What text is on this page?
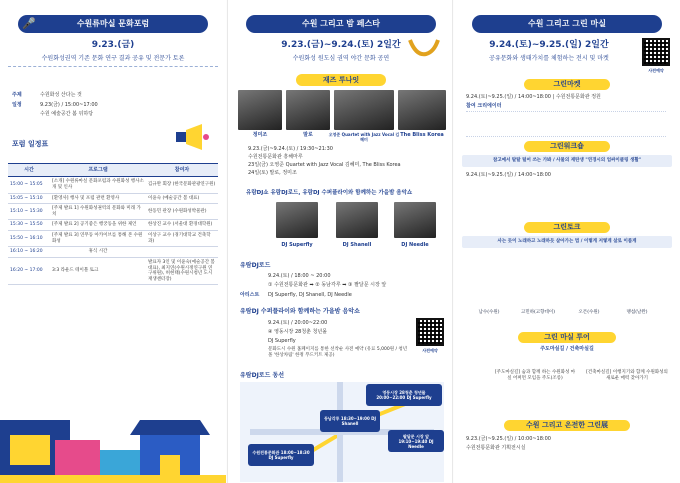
수원류마실 문화포럼
🎤
9.23.(금)
수원화성권역 기존 문화 연구 결과 공유 및 전문가 토론
주제	수원화성 산다는 것
일정	9.23(금) / 15:00~17:00
수원 예술공간 봄 뒤하당
포럼 일정표
시간	프로그램	참여자
15:00 ~ 15:05	[소개] 수원류마실 문화포럼과 수원화성 행사소개 및 인사	김규완 회장 (한국문화관광연구원)
15:05 ~ 15:10	[환영사] 행사 및 포럼 관련 환영사	이윤숙 (예술공간 봄 대표)
15:10 ~ 15:30	[주제 발표 1] 수원화성권역의 문화와 미래 가치	한동민 관장 (수원화성박물관)
15:30 ~ 15:50	[주제 발표 2] 공기좋은 행궁동을 위한 제언	한상진 교수 (서울대 환경대학원)
15:50 ~ 16:10	[주제 발표 3] 연무동 아카이브를 통해 본 수원화성	이상구 교수 (경기대학교 건축학과)
16:10 ~ 16:20	휴식 시간	
16:20 ~ 17:00	3:3 라운드 테이블 토크	발표자 3인 및 이윤숙(예술공간 봄 대표), 최지연(수원시정연구원 연구위원), 허현태(수원시청년 도시재생센터장)
수원 그리고 밤 페스타
9.23.(금)~9.24.(토) 2일간
수원화성 원도심 권역 야간 문화 공연
재즈 투나잇
정미조	말로	오영준 Quartet with Jazz Vocal 김혜미
The Bliss Korea
9.23.(금)~9.24.(토) / 19:30~21:30
수원전통문화관 흥해마루
23일(금) 오영준 Quartet with Jazz Vocal 김혜미, The Bliss Korea
24일(토) 말로, 정미조
유람DJ쇼 유람DJ로드, 유람DJ 수퍼플라이와 함께하는 가을밤 음악쇼
DJ Superfly	DJ Shanell	DJ Needle
유람DJ로드
9.24.(토) / 18:00 ~ 20:00
① 수원전통문화관 ➡ ② 동남각루 ➡ ③ 팔달문 시장 앞
아티스트	DJ Superfly, DJ Shanell, DJ Needle
유람DJ 수퍼플라이와 함께하는 가을밤 음악쇼
9.24.(토) / 20:00~22:00
④ 영동시장 28청춘 청년몰
DJ Superfly
문화도시 수원 홈페이지를 통한 선착순 사전 예약 (유료 5,000원 / 청년몰 '한상차림' 한정 푸드키트 제공)
사전예약
유람DJ로드 동선
영동시장 28청춘 청년몰 20:00~22:00 DJ Superfly
동남각루 18:30~19:00 DJ Shanell
팔달문 시장 앞 19:10~19:40 DJ Needle
수원전통문화관 18:00~18:30 DJ Superfly
수원 그리고 그린 마실
9.24.(토)~9.25.(일) 2일간
공유문화와 생태가치를 체험하는 전시 및 마켓
사전예약
그린마켓
9.24.(토)~9.25.(일) / 14:00~18:00 | 수원전통문화관 정원
참여 크리에이터
그린워크숍
참고예서 탈탈 털어 쓰는 가봐 / 사물의 재탄생 "연경시의 업싸이클링 생활"
9.24.(토)~9.25.(일) / 14:00~18:00
그린토크
사는 듯이 노래하고 노래하듯 살아가는 법 / 이렇게 저렇게 살로 이룸게
남수(수원)	고민하(고향데이)	오픈(수원)	맹섭(날완)
그린 마실 투어
주도마실길 / 건축마실길
[주도마실길] 숨과 함께 하는 수원화성 마실 어쩌면 모임을 주도(조롱)
[건축마실길] 이행지기와 함께 수원화성의 새로운 매력 찾아가기
수원 그리고 온전한 그린展
9.23.(금)~9.25.(일) / 10:00~18:00
수원전통문화관 기획전시실
